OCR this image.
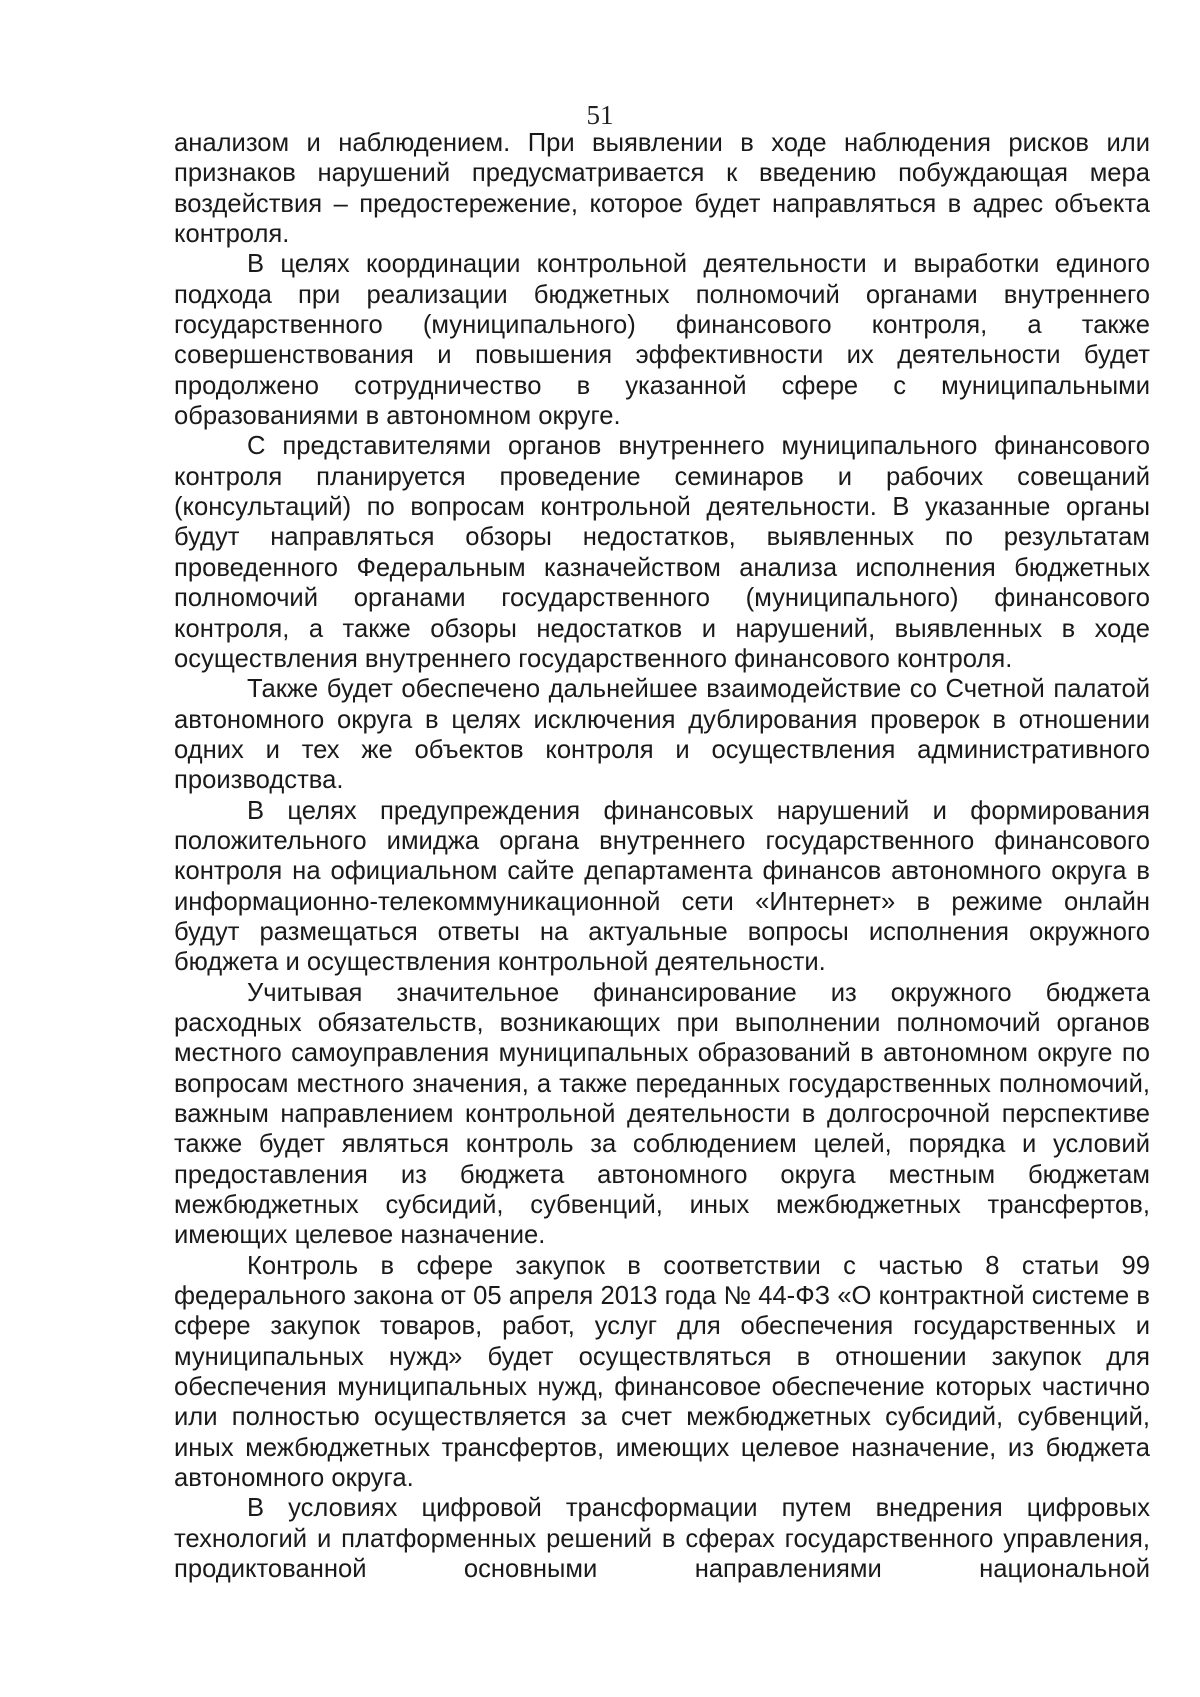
51

анализом и наблюдением. При выявлении в ходе наблюдения рисков или признаков нарушений предусматривается к введению побуждающая мера воздействия – предостережение, которое будет направляться в адрес объекта контроля.

В целях координации контрольной деятельности и выработки единого подхода при реализации бюджетных полномочий органами внутреннего государственного (муниципального) финансового контроля, а также совершенствования и повышения эффективности их деятельности будет продолжено сотрудничество в указанной сфере с муниципальными образованиями в автономном округе.

С представителями органов внутреннего муниципального финансового контроля планируется проведение семинаров и рабочих совещаний (консультаций) по вопросам контрольной деятельности. В указанные органы будут направляться обзоры недостатков, выявленных по результатам проведенного Федеральным казначейством анализа исполнения бюджетных полномочий органами государственного (муниципального) финансового контроля, а также обзоры недостатков и нарушений, выявленных в ходе осуществления внутреннего государственного финансового контроля.

Также будет обеспечено дальнейшее взаимодействие со Счетной палатой автономного округа в целях исключения дублирования проверок в отношении одних и тех же объектов контроля и осуществления административного производства.

В целях предупреждения финансовых нарушений и формирования положительного имиджа органа внутреннего государственного финансового контроля на официальном сайте департамента финансов автономного округа в информационно-телекоммуникационной сети «Интернет» в режиме онлайн будут размещаться ответы на актуальные вопросы исполнения окружного бюджета и осуществления контрольной деятельности.

Учитывая значительное финансирование из окружного бюджета расходных обязательств, возникающих при выполнении полномочий органов местного самоуправления муниципальных образований в автономном округе по вопросам местного значения, а также переданных государственных полномочий, важным направлением контрольной деятельности в долгосрочной перспективе также будет являться контроль за соблюдением целей, порядка и условий предоставления из бюджета автономного округа местным бюджетам межбюджетных субсидий, субвенций, иных межбюджетных трансфертов, имеющих целевое назначение.

Контроль в сфере закупок в соответствии с частью 8 статьи 99 федерального закона от 05 апреля 2013 года № 44-ФЗ «О контрактной системе в сфере закупок товаров, работ, услуг для обеспечения государственных и муниципальных нужд» будет осуществляться в отношении закупок для обеспечения муниципальных нужд, финансовое обеспечение которых частично или полностью осуществляется за счет межбюджетных субсидий, субвенций, иных межбюджетных трансфертов, имеющих целевое назначение, из бюджета автономного округа.

В условиях цифровой трансформации путем внедрения цифровых технологий и платформенных решений в сферах государственного управления, продиктованной основными направлениями национальной
